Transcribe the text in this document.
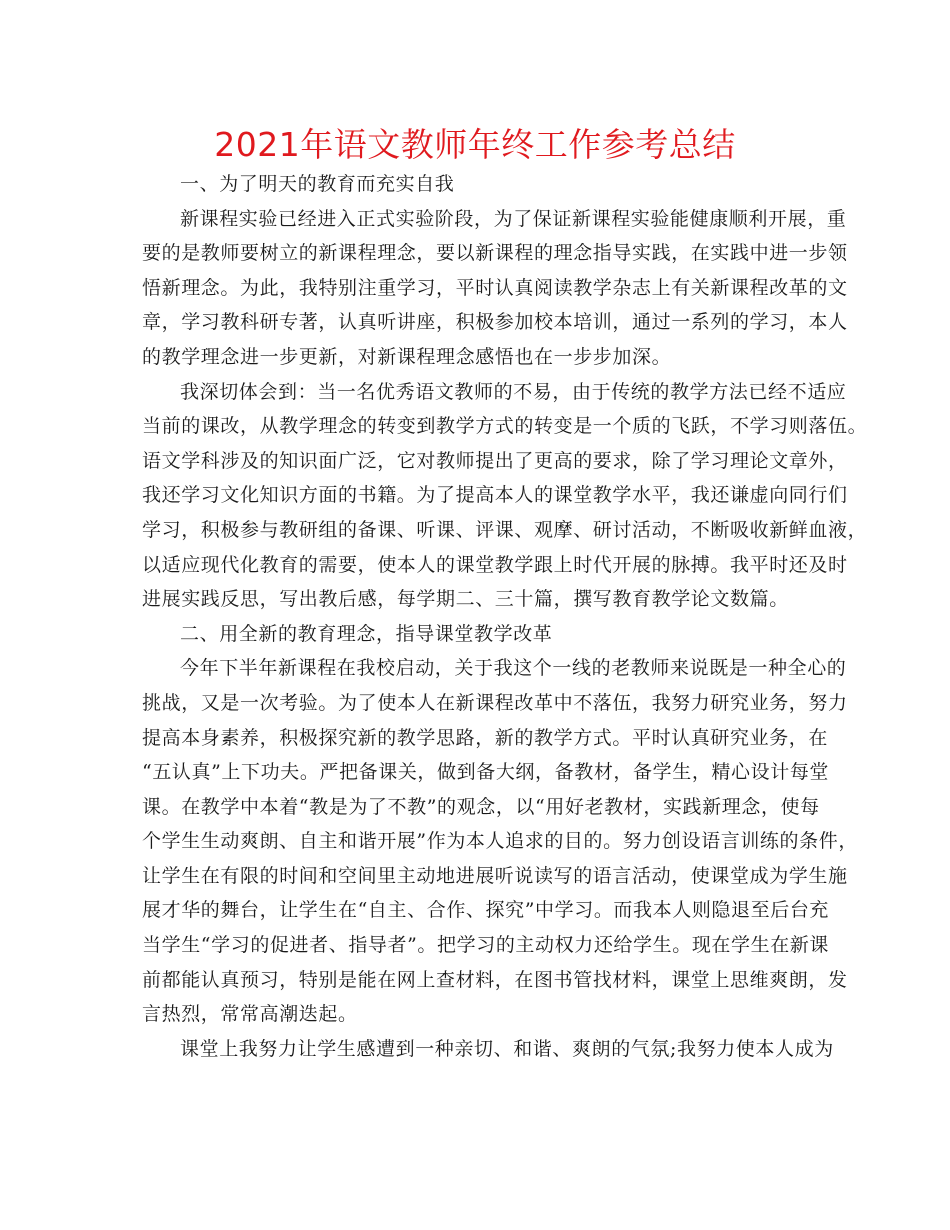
2021年语文教师年终工作参考总结

一、为了明天的教育而充实自我

新课程实验已经进入正式实验阶段，为了保证新课程实验能健康顺利开展，重

要的是教师要树立的新课程理念，要以新课程的理念指导实践，在实践中进一步领
悟新理念。为此，我特别注重学习，平时认真阅读教学杂志上有关新课程改革的文
章，学习教科研专著，认真听讲座，积极参加校本培训，通过一系列的学习，本人
的教学理念进一步更新，对新课程理念感悟也在一步步加深。

我深切体会到：当一名优秀语文教师的不易，由于传统的教学方法已经不适应

当前的课改，从教学理念的转变到教学方式的转变是一个质的飞跃，不学习则落伍。
语文学科涉及的知识面广泛，它对教师提出了更高的要求，除了学习理论文章外，
我还学习文化知识方面的书籍。为了提高本人的课堂教学水平，我还谦虚向同行们
学习，积极参与教研组的备课、听课、评课、观摩、研讨活动，不断吸收新鲜血液，
以适应现代化教育的需要，使本人的课堂教学跟上时代开展的脉搏。我平时还及时
进展实践反思，写出教后感，每学期二、三十篇，撰写教育教学论文数篇。

二、用全新的教育理念，指导课堂教学改革

今年下半年新课程在我校启动，关于我这个一线的老教师来说既是一种全心的

挑战，又是一次考验。为了使本人在新课程改革中不落伍，我努力研究业务，努力
提高本身素养，积极探究新的教学思路，新的教学方式。平时认真研究业务，在
“五认真”上下功夫。严把备课关，做到备大纲，备教材，备学生，精心设计每堂
课。在教学中本着“教是为了不教”的观念，以“用好老教材，实践新理念，使每
个学生生动爽朗、自主和谐开展”作为本人追求的目的。努力创设语言训练的条件，
让学生在有限的时间和空间里主动地进展听说读写的语言活动，使课堂成为学生施
展才华的舞台，让学生在“自主、合作、探究”中学习。而我本人则隐退至后台充
当学生“学习的促进者、指导者”。把学习的主动权力还给学生。现在学生在新课
前都能认真预习，特别是能在网上查材料，在图书管找材料，课堂上思维爽朗，发
言热烈，常常高潮迭起。

课堂上我努力让学生感遭到一种亲切、和谐、爽朗的气氛;我努力使本人成为
